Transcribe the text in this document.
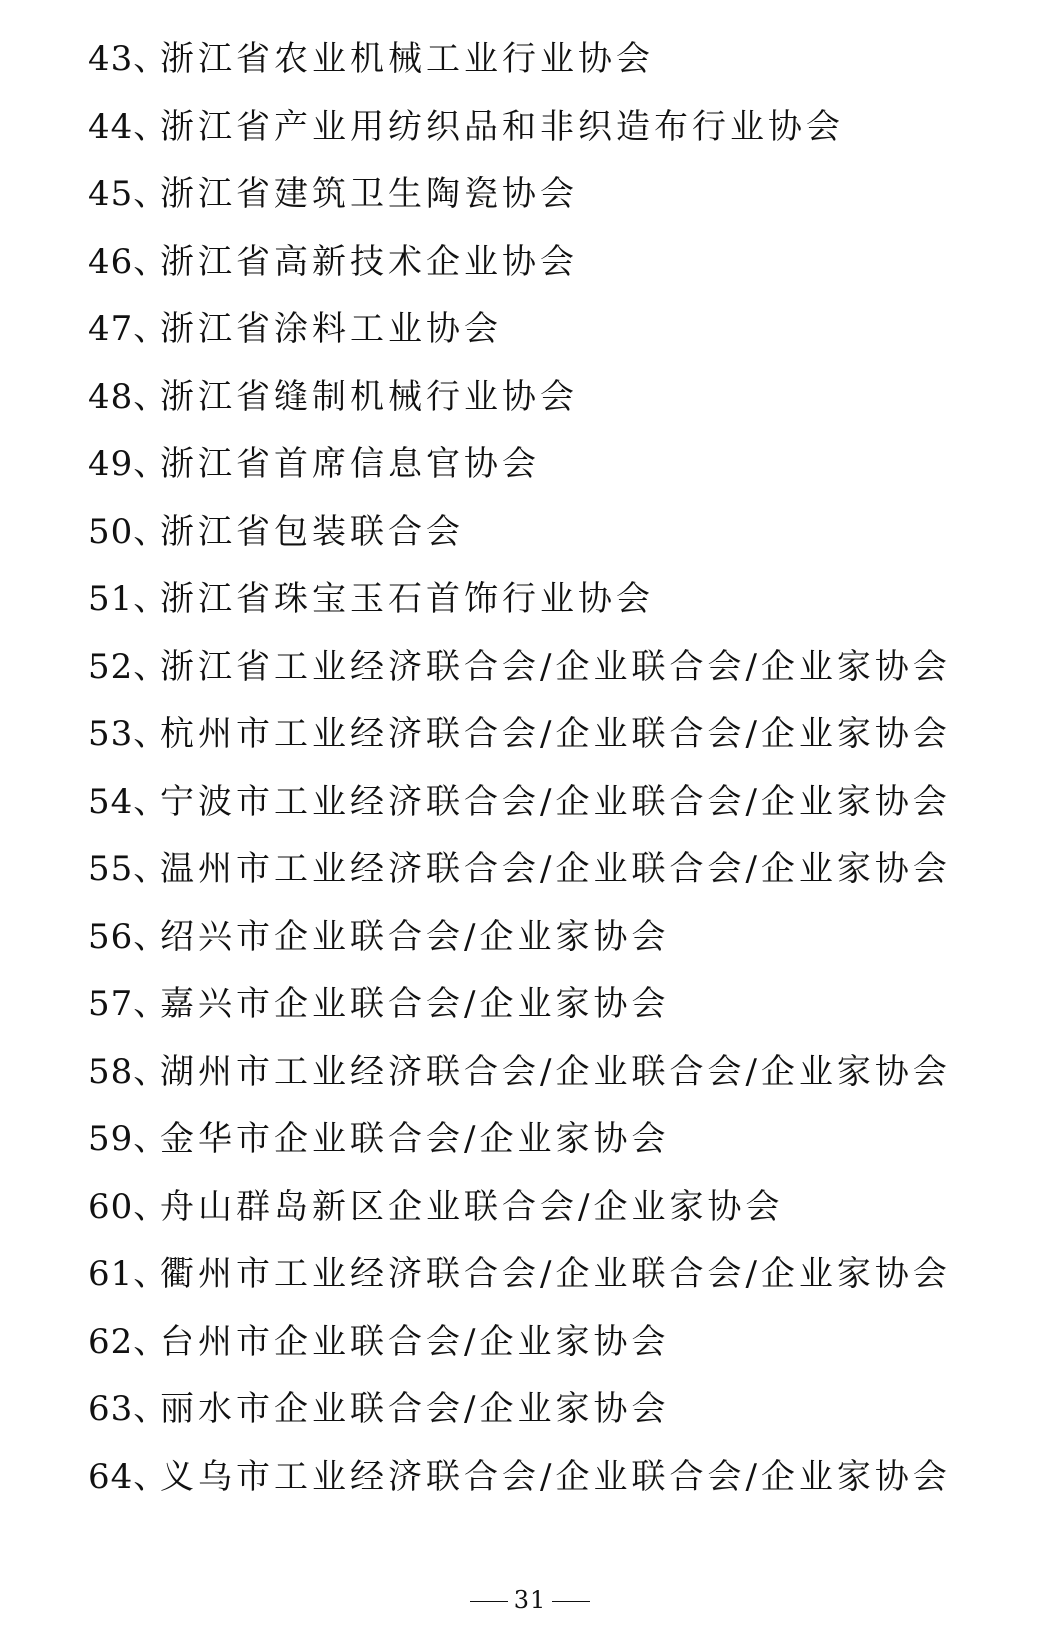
43、浙江省农业机械工业行业协会
44、浙江省产业用纺织品和非织造布行业协会
45、浙江省建筑卫生陶瓷协会
46、浙江省高新技术企业协会
47、浙江省涂料工业协会
48、浙江省缝制机械行业协会
49、浙江省首席信息官协会
50、浙江省包装联合会
51、浙江省珠宝玉石首饰行业协会
52、浙江省工业经济联合会/企业联合会/企业家协会
53、杭州市工业经济联合会/企业联合会/企业家协会
54、宁波市工业经济联合会/企业联合会/企业家协会
55、温州市工业经济联合会/企业联合会/企业家协会
56、绍兴市企业联合会/企业家协会
57、嘉兴市企业联合会/企业家协会
58、湖州市工业经济联合会/企业联合会/企业家协会
59、金华市企业联合会/企业家协会
60、舟山群岛新区企业联合会/企业家协会
61、衢州市工业经济联合会/企业联合会/企业家协会
62、台州市企业联合会/企业家协会
63、丽水市企业联合会/企业家协会
64、义乌市工业经济联合会/企业联合会/企业家协会
31
